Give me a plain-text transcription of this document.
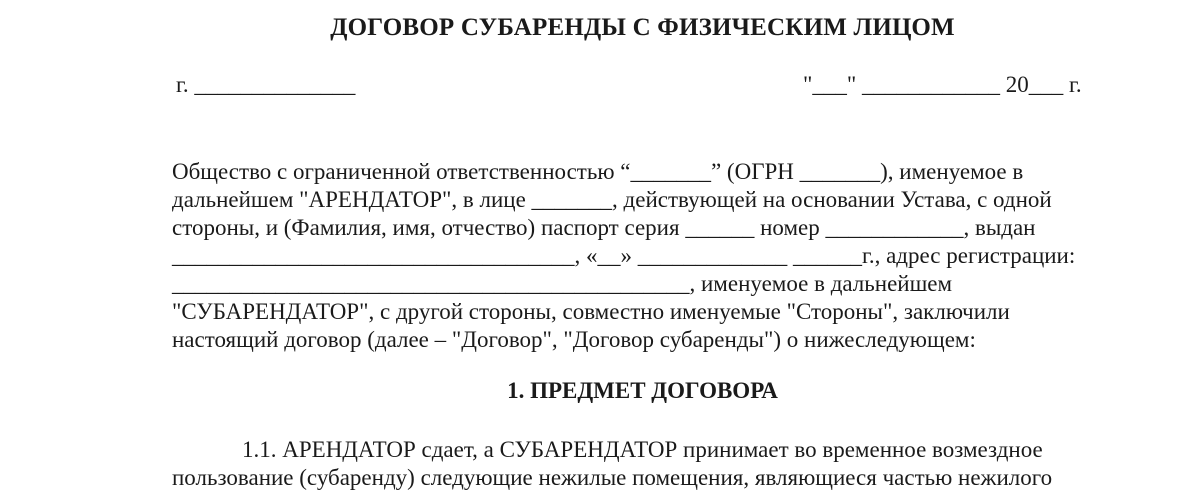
ДОГОВОР СУБАРЕНДЫ С ФИЗИЧЕСКИМ ЛИЦОМ
г. ______________	"___" ____________ 20___ г.
Общество с ограниченной ответственностью “_______” (ОГРН _______), именуемое в
дальнейшем "АРЕНДАТОР", в лице _______, действующей на основании Устава, с одной
стороны, и (Фамилия, имя, отчество) паспорт серия ______ номер ____________, выдан
___________________________________, «__» _____________ ______г., адрес регистрации:
_____________________________________________, именуемое в дальнейшем
"СУБАРЕНДАТОР", с другой стороны, совместно именуемые "Стороны", заключили
настоящий договор (далее – "Договор", "Договор субаренды") о нижеследующем:
1. ПРЕДМЕТ ДОГОВОРА
1.1. АРЕНДАТОР сдает, а СУБАРЕНДАТОР принимает во временное возмездное
пользование (субаренду) следующие нежилые помещения, являющиеся частью нежилого
